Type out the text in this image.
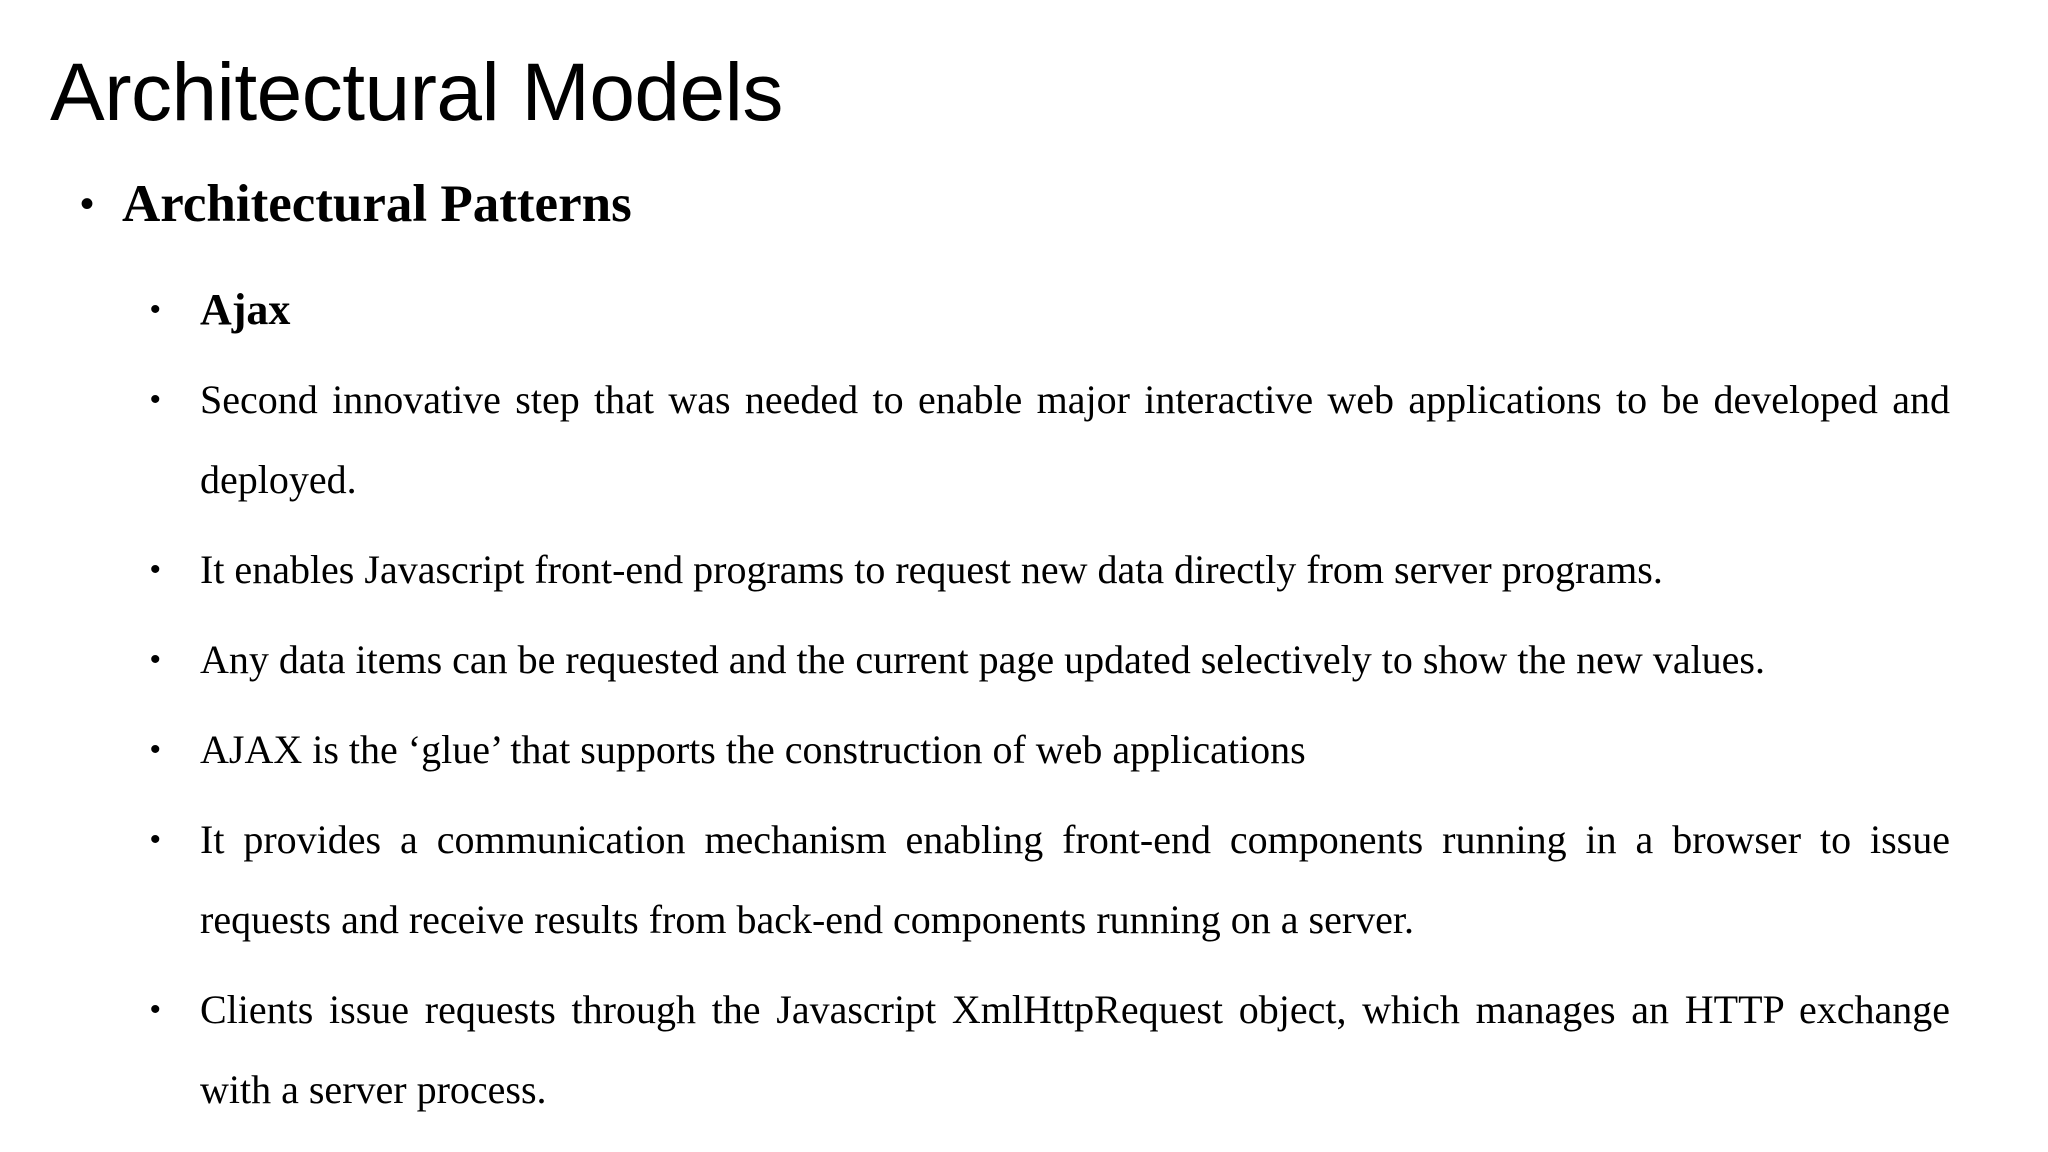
Architectural Models
• Architectural Patterns
• Ajax
• Second innovative step that was needed to enable major interactive web applications to be developed and deployed.
• It enables Javascript front-end programs to request new data directly from server programs.
• Any data items can be requested and the current page updated selectively to show the new values.
• AJAX is the ‘glue’ that supports the construction of web applications
• It provides a communication mechanism enabling front-end components running in a browser to issue requests and receive results from back-end components running on a server.
• Clients issue requests through the Javascript XmlHttpRequest object, which manages an HTTP exchange with a server process.
